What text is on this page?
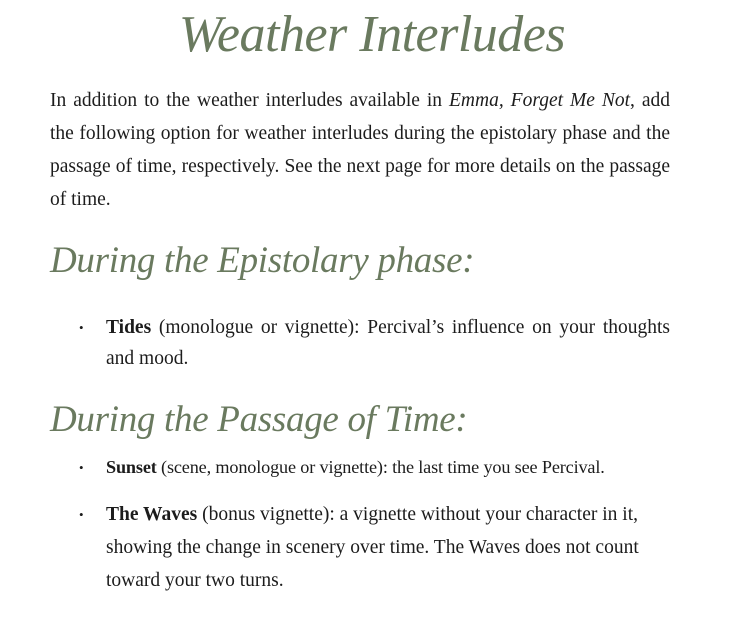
Weather Interludes

In addition to the weather interludes available in Emma, Forget Me Not, add the following option for weather interludes during the epistolary phase and the passage of time, respectively. See the next page for more details on the passage of time.

During the Epistolary phase:
• Tides (monologue or vignette): Percival’s influence on your thoughts and mood.

During the Passage of Time:
• Sunset (scene, monologue or vignette): the last time you see Percival.

• The Waves (bonus vignette): a vignette without your character in it, showing the change in scenery over time. The Waves does not count toward your two turns.
